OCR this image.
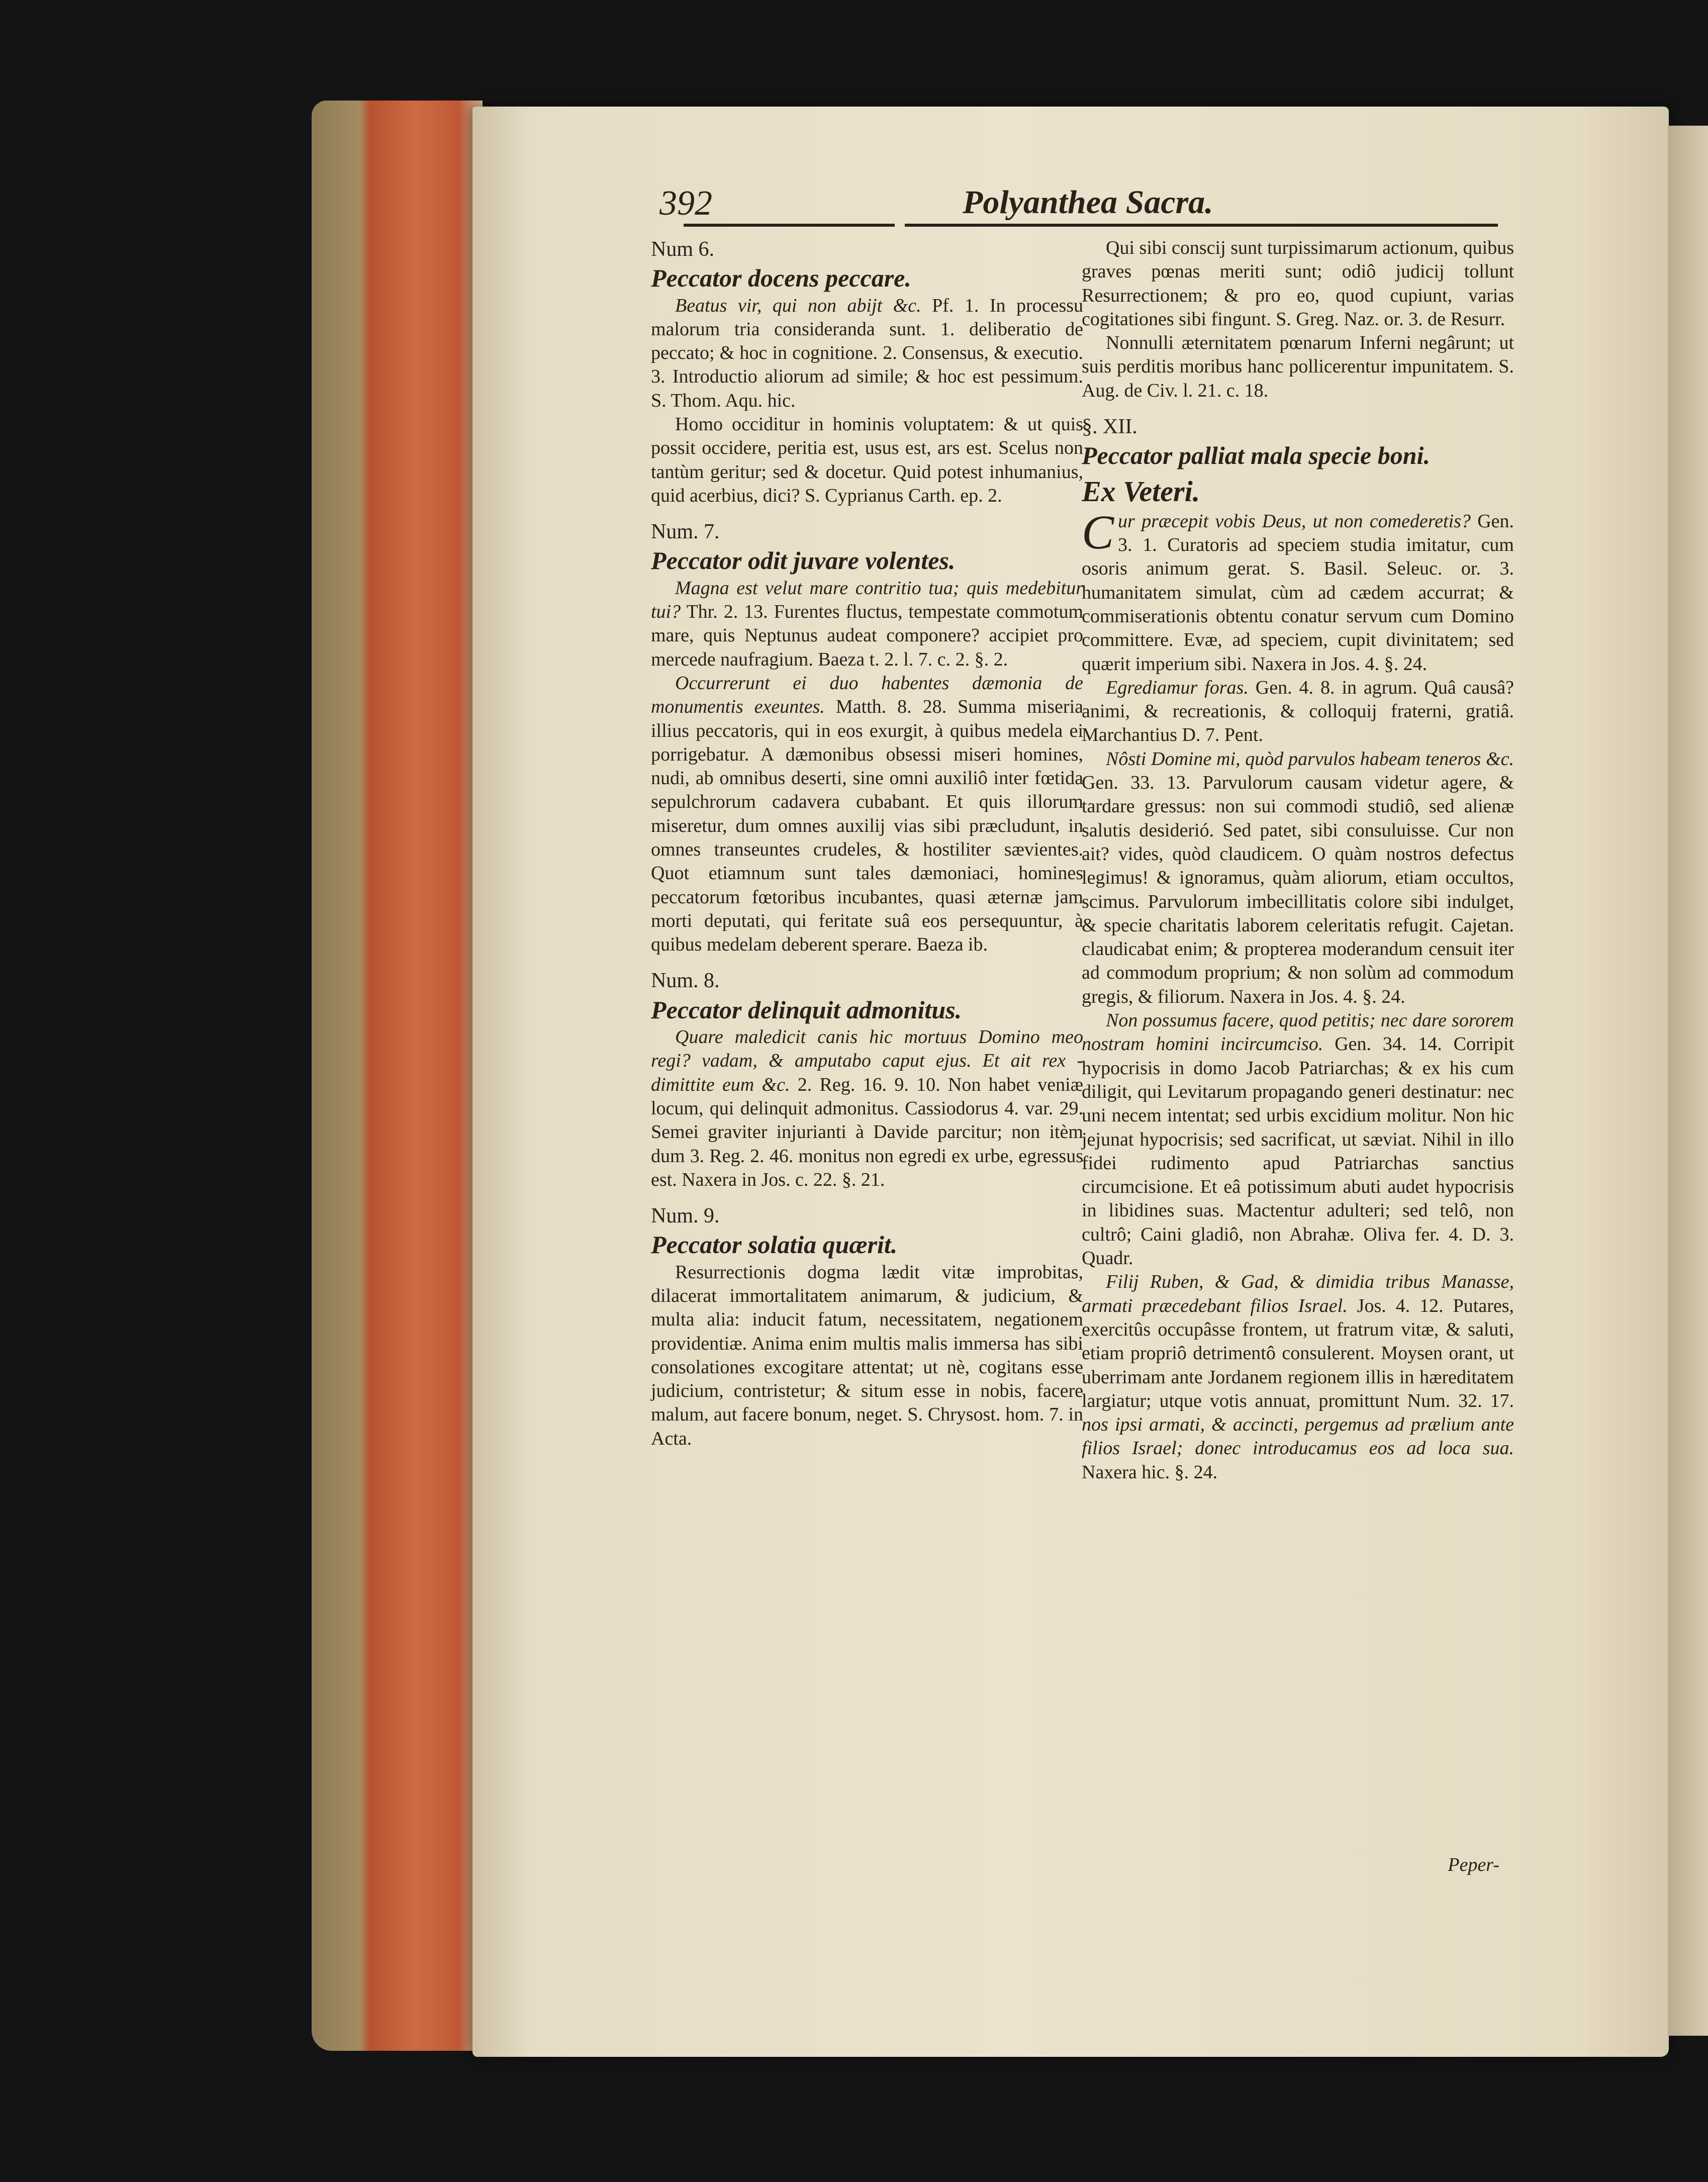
392	Polyanthea Sacra.

Num 6.

Peccator docens peccare.

Beatus vir, qui non abijt &c. Pf. 1. In processu malorum tria consideranda sunt. 1. deliberatio de peccato; & hoc in cognitione. 2. Consensus, & executio. 3. Introductio aliorum ad simile; & hoc est pessimum. S. Thom. Aqu. hic.

Homo occiditur in hominis voluptatem: & ut quis possit occidere, peritia est, usus est, ars est. Scelus non tantùm geritur; sed & docetur. Quid potest inhumanius, quid acerbius, dici? S. Cyprianus Carth. ep. 2.

Num. 7.

Peccator odit juvare volentes.

Magna est velut mare contritio tua; quis medebitur tui? Thr. 2. 13. Furentes fluctus, tempestate commotum mare, quis Neptunus audeat componere? accipiet pro mercede naufragium. Baeza t. 2. l. 7. c. 2. §. 2.

Occurrerunt ei duo habentes dæmonia de monumentis exeuntes. Matth. 8. 28. Summa miseria illius peccatoris, qui in eos exurgit, à quibus medela ei porrigebatur. A dæmonibus obsessi miseri homines, nudi, ab omnibus deserti, sine omni auxiliô inter fœtida sepulchrorum cadavera cubabant. Et quis illorum miseretur, dum omnes auxilij vias sibi præcludunt, in omnes transeuntes crudeles, & hostiliter sævientes. Quot etiamnum sunt tales dæmoniaci, homines peccatorum fœtoribus incubantes, quasi æternæ jam morti deputati, qui feritate suâ eos persequuntur, à quibus medelam deberent sperare. Baeza ib.

Num. 8.

Peccator delinquit admonitus.

Quare maledicit canis hic mortuus Domino meo regi? vadam, & amputabo caput ejus. Et ait rex - dimittite eum &c. 2. Reg. 16. 9. 10. Non habet veniæ locum, qui delinquit admonitus. Cassiodorus 4. var. 29. Semei graviter injurianti à Davide parcitur; non itèm dum 3. Reg. 2. 46. monitus non egredi ex urbe, egressus est. Naxera in Jos. c. 22. §. 21.

Num. 9.

Peccator solatia quærit.

Resurrectionis dogma lædit vitæ improbitas, dilacerat immortalitatem animarum, & judicium, & multa alia: inducit fatum, necessitatem, negationem providentiæ. Anima enim multis malis immersa has sibi consolationes excogitare attentat; ut nè, cogitans esse judicium, contristetur; & situm esse in nobis, facere malum, aut facere bonum, neget. S. Chrysost. hom. 7. in Acta.

Qui sibi conscij sunt turpissimarum actionum, quibus graves pœnas meriti sunt; odiô judicij tollunt Resurrectionem; & pro eo, quod cupiunt, varias cogitationes sibi fingunt. S. Greg. Naz. or. 3. de Resurr.

Nonnulli æternitatem pœnarum Inferni negârunt; ut suis perditis moribus hanc pollicerentur impunitatem. S. Aug. de Civ. l. 21. c. 18.

§. XII.

Peccator palliat mala specie boni.

Ex Veteri.

Cur præcepit vobis Deus, ut non comederetis? Gen. 3. 1. Curatoris ad speciem studia imitatur, cum osoris animum gerat. S. Basil. Seleuc. or. 3. humanitatem simulat, cùm ad cædem accurrat; & commiserationis obtentu conatur servum cum Domino committere. Evæ, ad speciem, cupit divinitatem; sed quærit imperium sibi. Naxera in Jos. 4. §. 24.

Egrediamur foras. Gen. 4. 8. in agrum. Quâ causâ? animi, & recreationis, & colloquij fraterni, gratiâ. Marchantius D. 7. Pent.

Nôsti Domine mi, quòd parvulos habeam teneros &c. Gen. 33. 13. Parvulorum causam videtur agere, & tardare gressus: non sui commodi studiô, sed alienæ salutis desiderió. Sed patet, sibi consuluisse. Cur non ait? vides, quòd claudicem. O quàm nostros defectus legimus! & ignoramus, quàm aliorum, etiam occultos, scimus. Parvulorum imbecillitatis colore sibi indulget, & specie charitatis laborem celeritatis refugit. Cajetan. claudicabat enim; & propterea moderandum censuit iter ad commodum proprium; & non solùm ad commodum gregis, & filiorum. Naxera in Jos. 4. §. 24.

Non possumus facere, quod petitis; nec dare sororem nostram homini incircumciso. Gen. 34. 14. Corripit hypocrisis in domo Jacob Patriarchas; & ex his cum diligit, qui Levitarum propagando generi destinatur: nec uni necem intentat; sed urbis excidium molitur. Non hic jejunat hypocrisis; sed sacrificat, ut sæviat. Nihil in illo fidei rudimento apud Patriarchas sanctius circumcisione. Et eâ potissimum abuti audet hypocrisis in libidines suas. Mactentur adulteri; sed telô, non cultrô; Caini gladiô, non Abrahæ. Oliva fer. 4. D. 3. Quadr.

Filij Ruben, & Gad, & dimidia tribus Manasse, armati præcedebant filios Israel. Jos. 4. 12. Putares, exercitûs occupâsse frontem, ut fratrum vitæ, & saluti, etiam propriô detrimentô consulerent. Moysen orant, ut uberrimam ante Jordanem regionem illis in hæreditatem largiatur; utque votis annuat, promittunt Num. 32. 17. nos ipsi armati, & accincti, pergemus ad prælium ante filios Israel; donec introducamus eos ad loca sua. Naxera hic. §. 24.

Peper-
